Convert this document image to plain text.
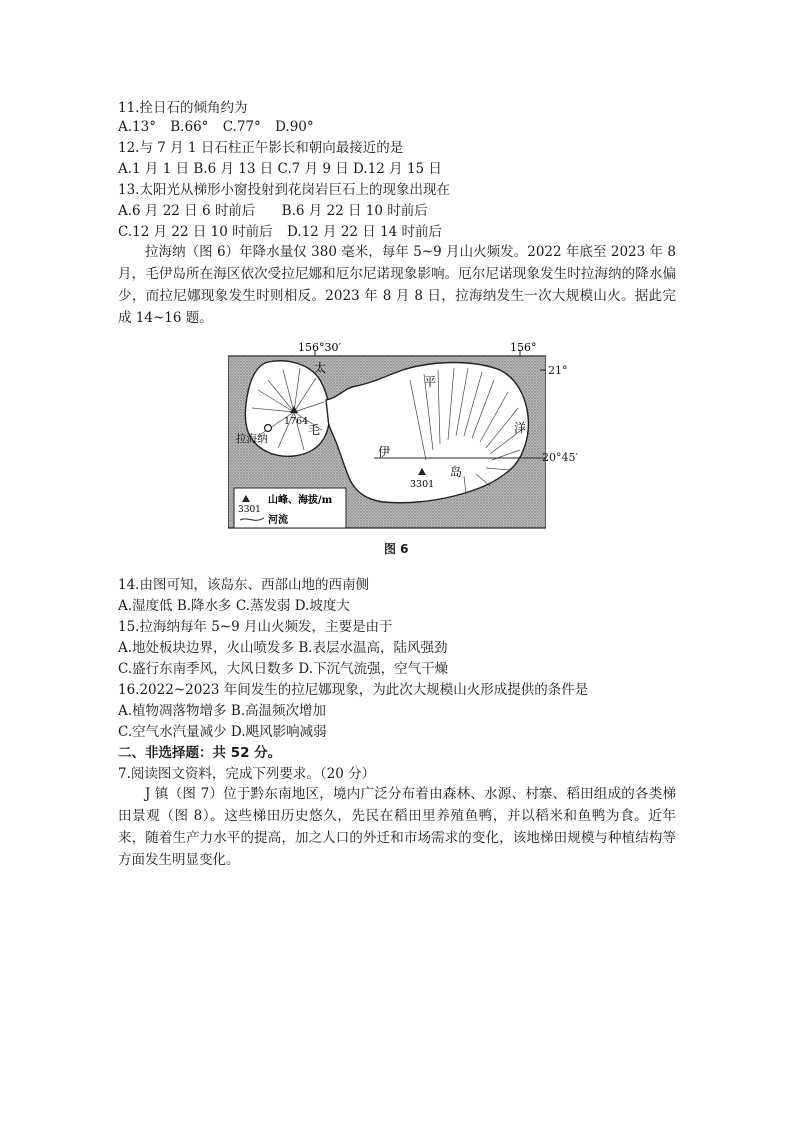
11.拴日石的倾角约为
A.13° B.66° C.77° D.90°
12.与 7 月 1 日石柱正午影长和朝向最接近的是
A.1 月 1 日 B.6 月 13 日 C.7 月 9 日 D.12 月 15 日
13.太阳光从梯形小窗投射到花岗岩巨石上的现象出现在
A.6 月 22 日 6 时前后 B.6 月 22 日 10 时前后
C.12 月 22 日 10 时前后 D.12 月 22 日 14 时前后
拉海纳（图 6）年降水量仅 380 毫米，每年 5~9 月山火频发。2022 年底至 2023 年 8 月，毛伊岛所在海区依次受拉尼娜和厄尔尼诺现象影响。厄尔尼诺现象发生时拉海纳的降水偏少，而拉尼娜现象发生时则相反。2023 年 8 月 8 日，拉海纳发生一次大规模山火。据此完成 14~16 题。
156°30′	156°
太
平
洋
毛
伊
岛
1764
3301
拉海纳
3301
山峰、海拔/m
河流
21°
20°45′
图 6
14.由图可知，该岛东、西部山地的西南侧
A.湿度低 B.降水多 C.蒸发弱 D.坡度大
15.拉海纳每年 5~9 月山火频发，主要是由于
A.地处板块边界，火山喷发多 B.表层水温高，陆风强劲
C.盛行东南季风，大风日数多 D.下沉气流强，空气干燥
16.2022~2023 年间发生的拉尼娜现象，为此次大规模山火形成提供的条件是
A.植物凋落物增多 B.高温频次增加
C.空气水汽量减少 D.飓风影响减弱
二、非选择题：共 52 分。
7.阅读图文资料，完成下列要求。（20 分）
J 镇（图 7）位于黔东南地区，境内广泛分布着由森林、水源、村寨、稻田组成的各类梯田景观（图 8）。这些梯田历史悠久，先民在稻田里养殖鱼鸭，并以稻米和鱼鸭为食。近年来，随着生产力水平的提高，加之人口的外迁和市场需求的变化，该地梯田规模与种植结构等方面发生明显变化。
